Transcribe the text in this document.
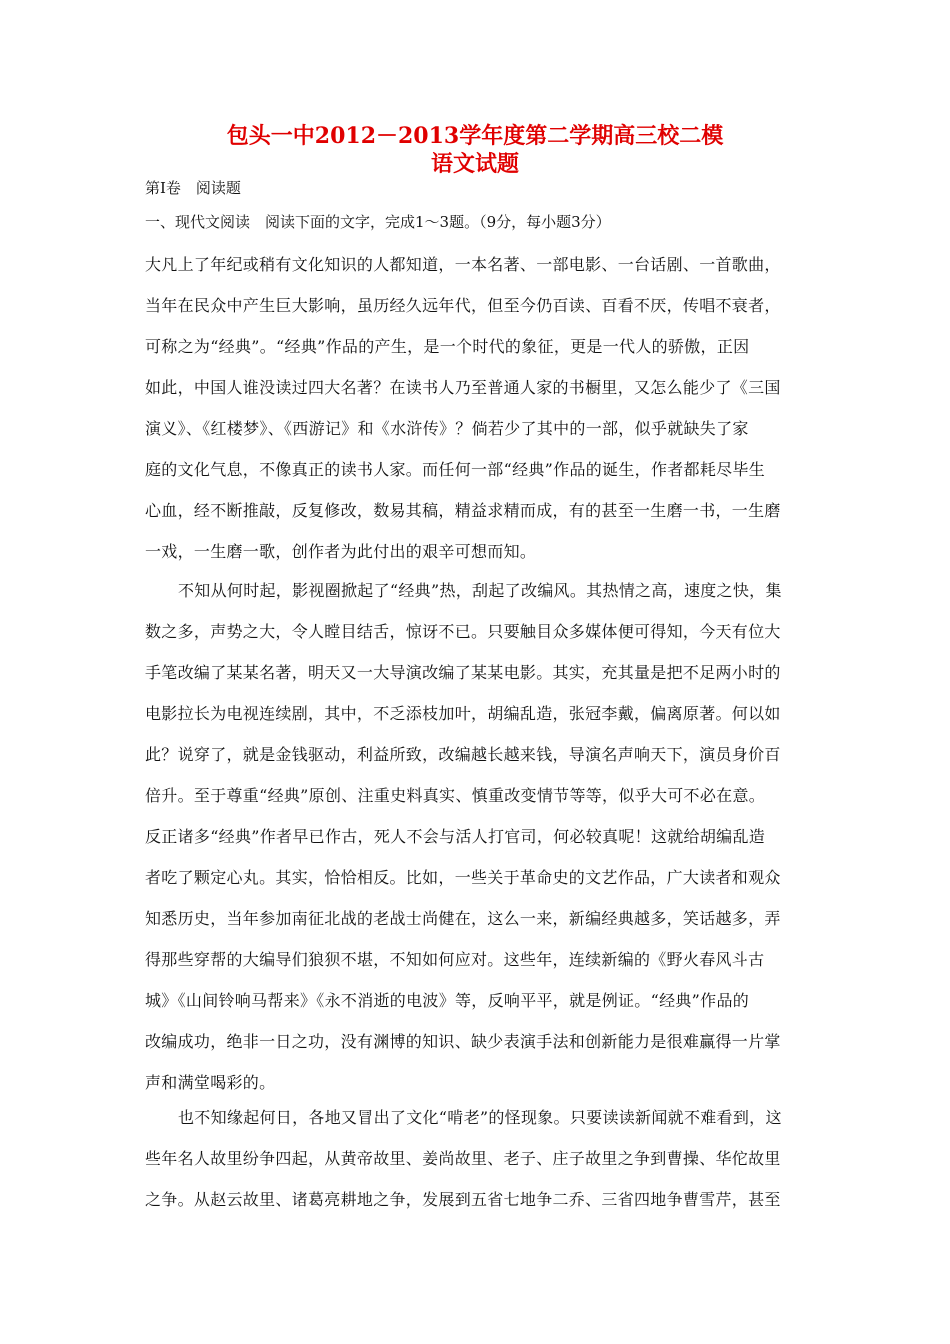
包头一中2012－2013学年度第二学期高三校二模
语文试题
第Ⅰ卷　阅读题
一、现代文阅读　阅读下面的文字，完成1～3题。（9分，每小题3分）
大凡上了年纪或稍有文化知识的人都知道，一本名著、一部电影、一台话剧、一首歌曲，
当年在民众中产生巨大影响，虽历经久远年代，但至今仍百读、百看不厌，传唱不衰者，
可称之为“经典”。“经典”作品的产生，是一个时代的象征，更是一代人的骄傲，正因
如此，中国人谁没读过四大名著？在读书人乃至普通人家的书橱里，又怎么能少了《三国
演义》、《红楼梦》、《西游记》和《水浒传》？倘若少了其中的一部，似乎就缺失了家
庭的文化气息，不像真正的读书人家。而任何一部“经典”作品的诞生，作者都耗尽毕生
心血，经不断推敲，反复修改，数易其稿，精益求精而成，有的甚至一生磨一书，一生磨
一戏，一生磨一歌，创作者为此付出的艰辛可想而知。
不知从何时起，影视圈掀起了“经典”热，刮起了改编风。其热情之高，速度之快，集
数之多，声势之大，令人瞠目结舌，惊讶不已。只要触目众多媒体便可得知，今天有位大
手笔改编了某某名著，明天又一大导演改编了某某电影。其实，充其量是把不足两小时的
电影拉长为电视连续剧，其中，不乏添枝加叶，胡编乱造，张冠李戴，偏离原著。何以如
此？说穿了，就是金钱驱动，利益所致，改编越长越来钱，导演名声响天下，演员身价百
倍升。至于尊重“经典”原创、注重史料真实、慎重改变情节等等，似乎大可不必在意。
反正诸多“经典”作者早已作古，死人不会与活人打官司，何必较真呢！这就给胡编乱造
者吃了颗定心丸。其实，恰恰相反。比如，一些关于革命史的文艺作品，广大读者和观众
知悉历史，当年参加南征北战的老战士尚健在，这么一来，新编经典越多，笑话越多，弄
得那些穿帮的大编导们狼狈不堪，不知如何应对。这些年，连续新编的《野火春风斗古
城》《山间铃响马帮来》《永不消逝的电波》等，反响平平，就是例证。“经典”作品的
改编成功，绝非一日之功，没有渊博的知识、缺少表演手法和创新能力是很难赢得一片掌
声和满堂喝彩的。
也不知缘起何日，各地又冒出了文化“啃老”的怪现象。只要读读新闻就不难看到，这
些年名人故里纷争四起，从黄帝故里、姜尚故里、老子、庄子故里之争到曹操、华佗故里
之争。从赵云故里、诸葛亮耕地之争，发展到五省七地争二乔、三省四地争曹雪芹，甚至
